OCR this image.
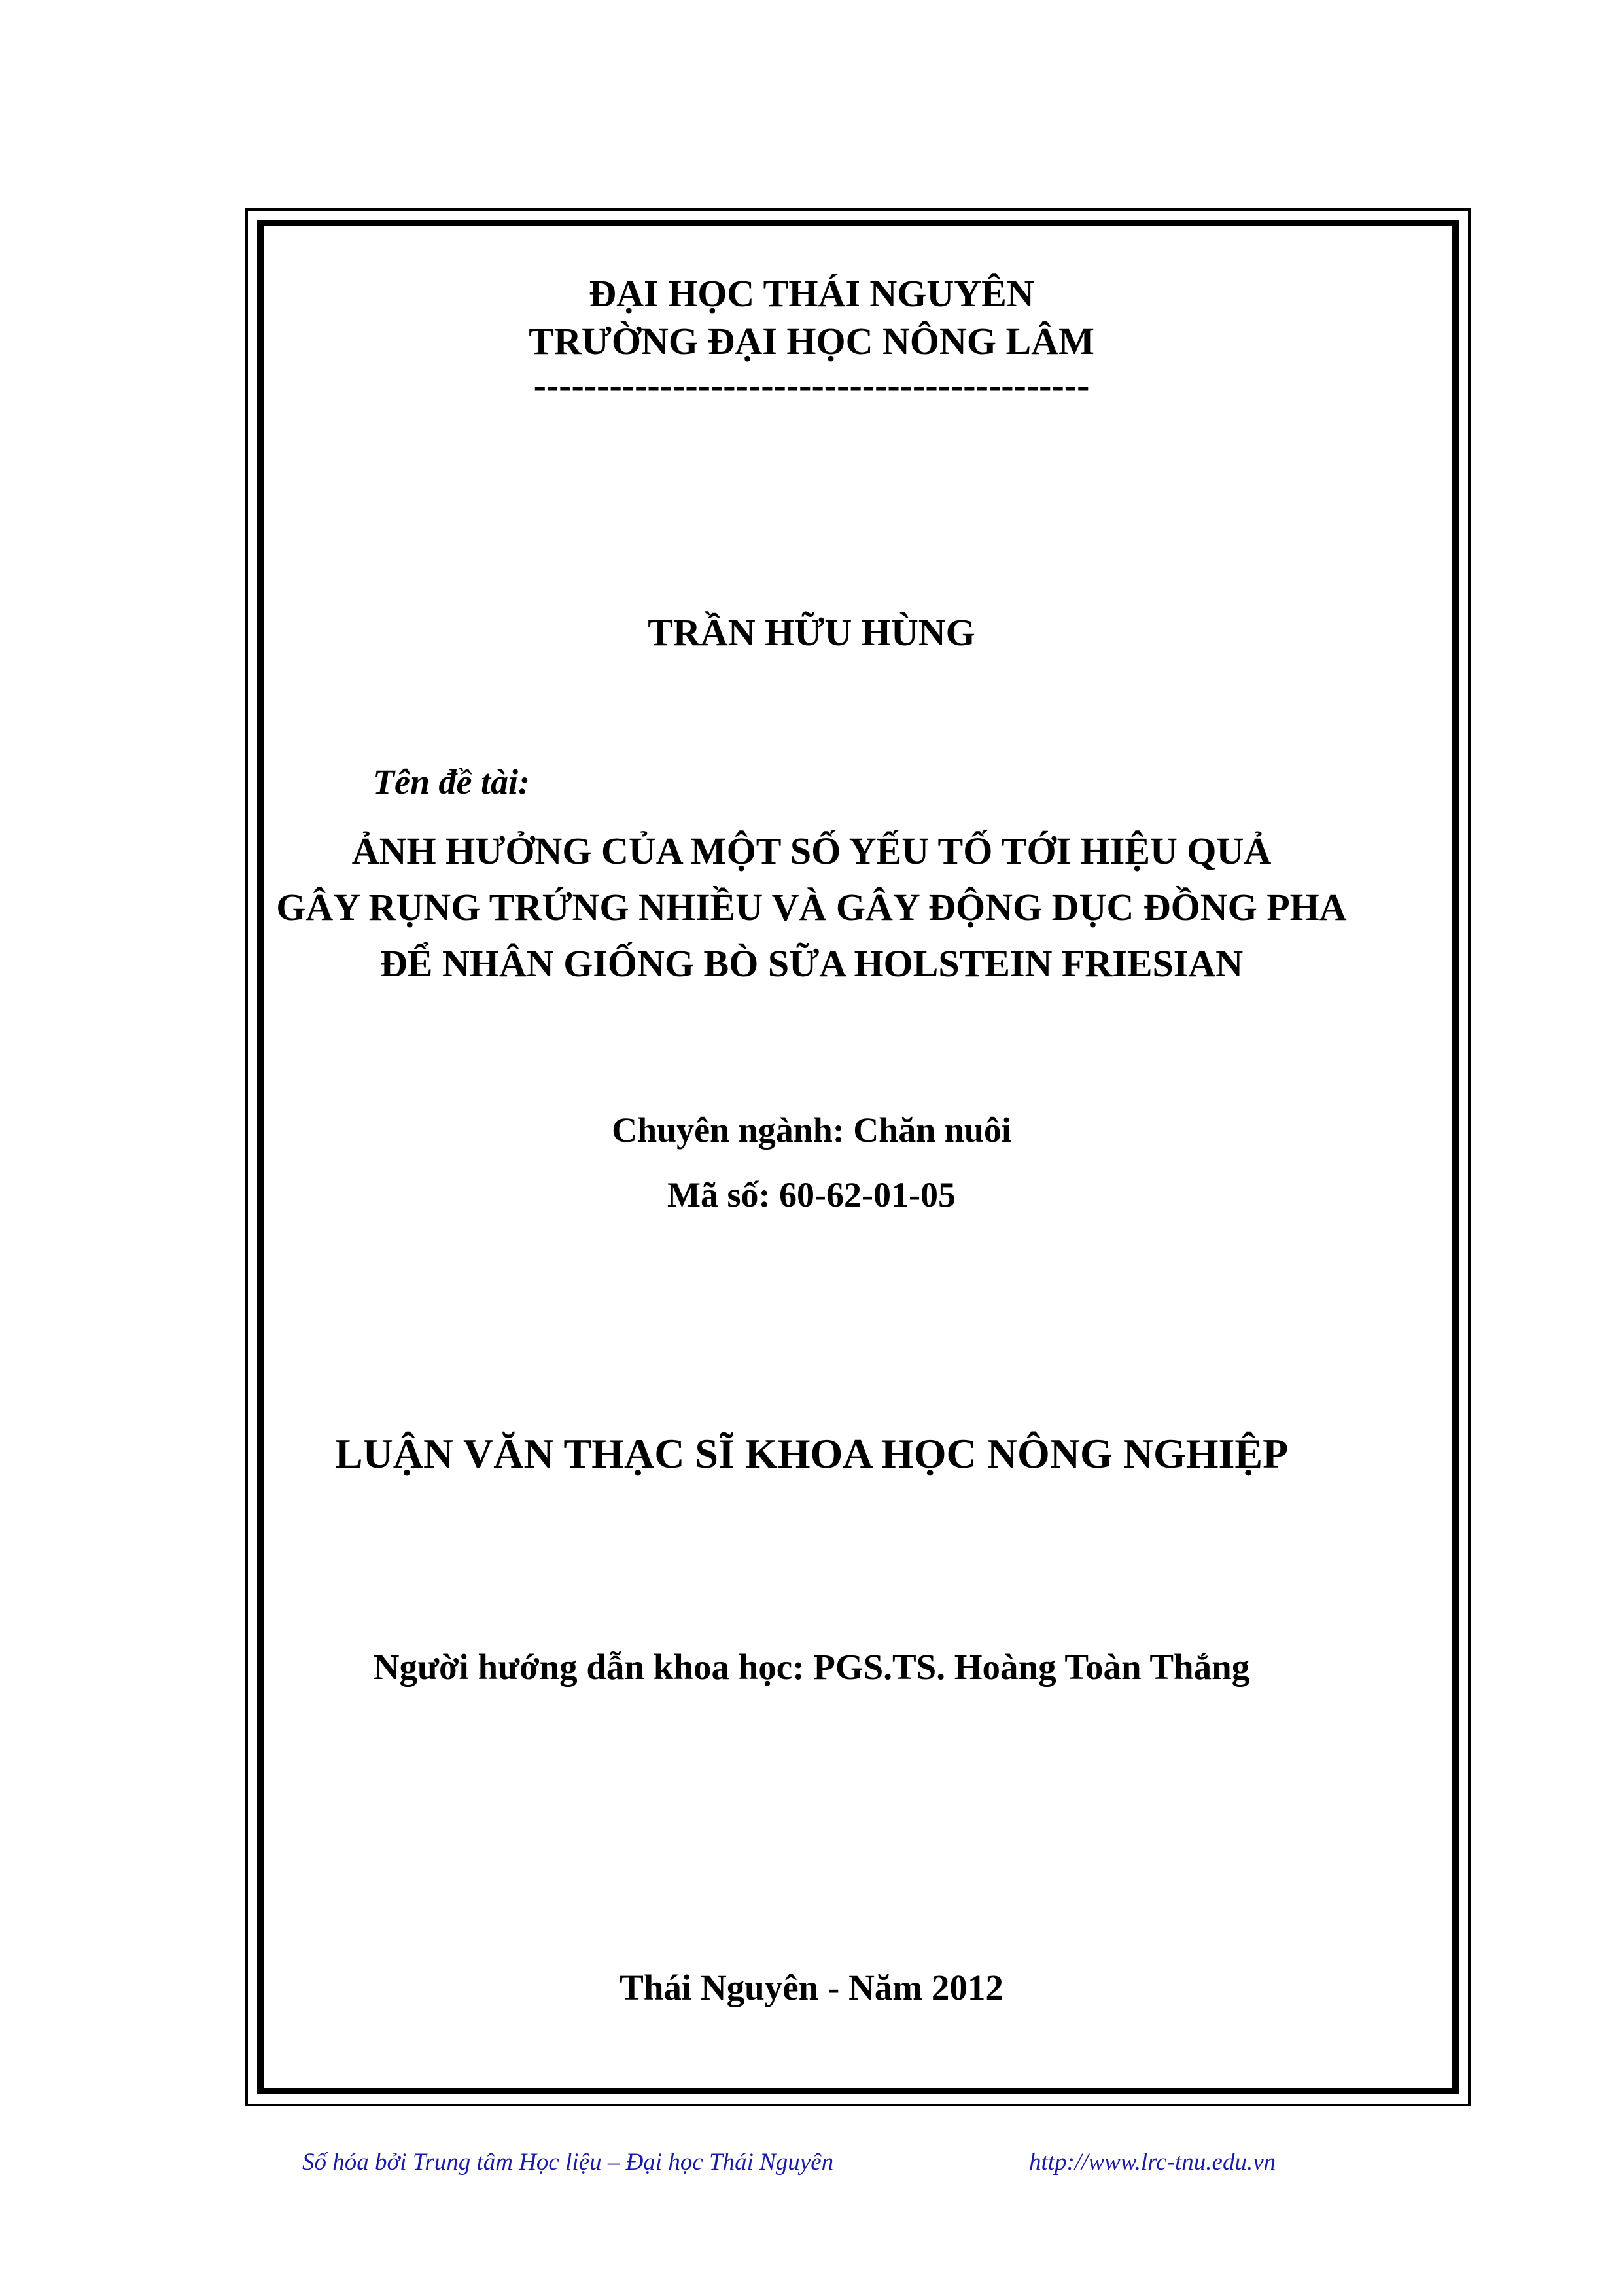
ĐẠI HỌC THÁI NGUYÊN
TRƯỜNG ĐẠI HỌC NÔNG LÂM
--------------------------------------------
TRẦN HỮU HÙNG
Tên đề tài:
ẢNH HƯỞNG CỦA MỘT SỐ YẾU TỐ TỚI HIỆU QUẢ
GÂY RỤNG TRỨNG NHIỀU VÀ GÂY ĐỘNG DỤC ĐỒNG PHA
ĐỂ NHÂN GIỐNG BÒ SỮA HOLSTEIN FRIESIAN
Chuyên ngành: Chăn nuôi
Mã số: 60-62-01-05
LUẬN VĂN THẠC SĨ KHOA HỌC NÔNG NGHIỆP
Người hướng dẫn khoa học: PGS.TS. Hoàng Toàn Thắng
Thái Nguyên - Năm 2012
Số hóa bởi Trung tâm Học liệu – Đại học Thái Nguyên	http://www.lrc-tnu.edu.vn
